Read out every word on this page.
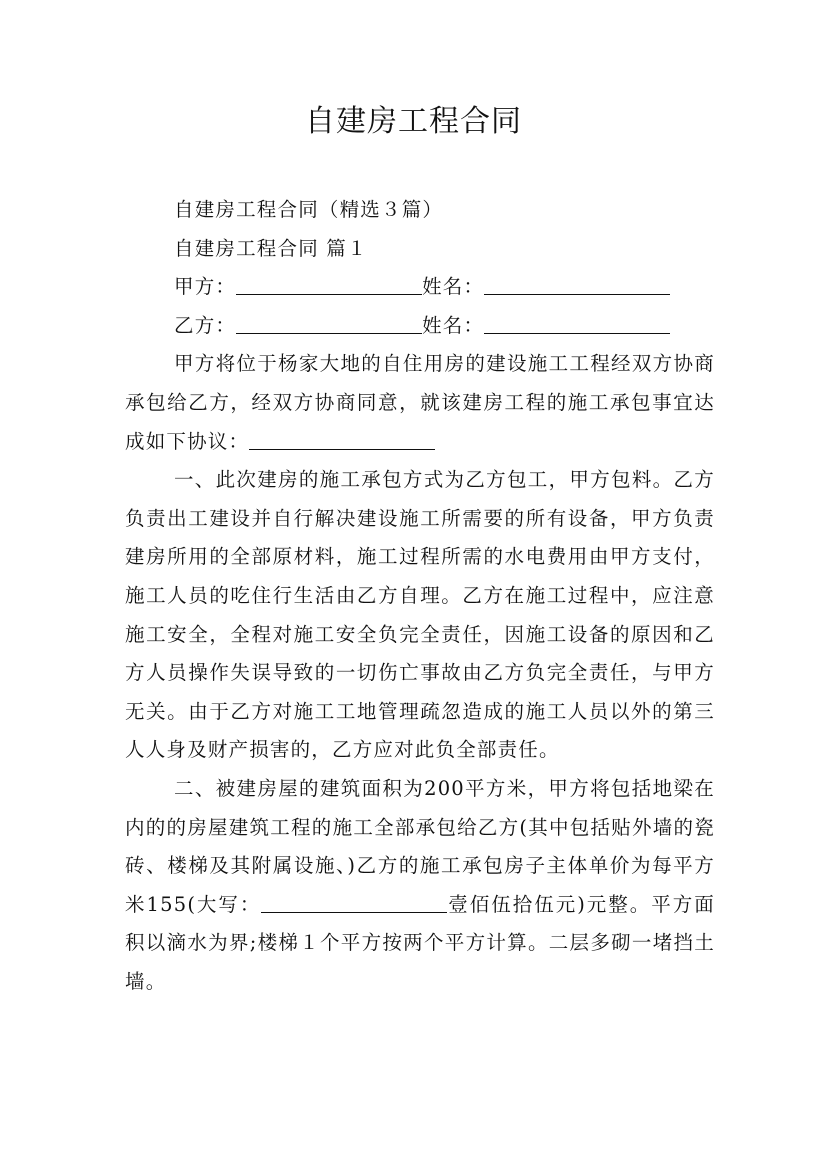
自建房工程合同
自建房工程合同（精选３篇）
自建房工程合同 篇１
甲方：	姓名：
乙方：	姓名：

甲方将位于杨家大地的自住用房的建设施工工程经双方协商承包给乙方，经双方协商同意，就该建房工程的施工承包事宜达成如下协议：

一、此次建房的施工承包方式为乙方包工，甲方包料。乙方负责出工建设并自行解决建设施工所需要的所有设备，甲方负责建房所用的全部原材料，施工过程所需的水电费用由甲方支付，施工人员的吃住行生活由乙方自理。乙方在施工过程中，应注意施工安全，全程对施工安全负完全责任，因施工设备的原因和乙方人员操作失误导致的一切伤亡事故由乙方负完全责任，与甲方无关。由于乙方对施工工地管理疏忽造成的施工人员以外的第三人人身及财产损害的，乙方应对此负全部责任。

二、被建房屋的建筑面积为200平方米，甲方将包括地梁在内的的房屋建筑工程的施工全部承包给乙方(其中包括贴外墙的瓷砖、楼梯及其附属设施、)乙方的施工承包房子主体单价为每平方米155(大写：	壹佰伍拾伍元)元整。平方面积以滴水为界;楼梯１个平方按两个平方计算。二层多砌一堵挡土墙。
